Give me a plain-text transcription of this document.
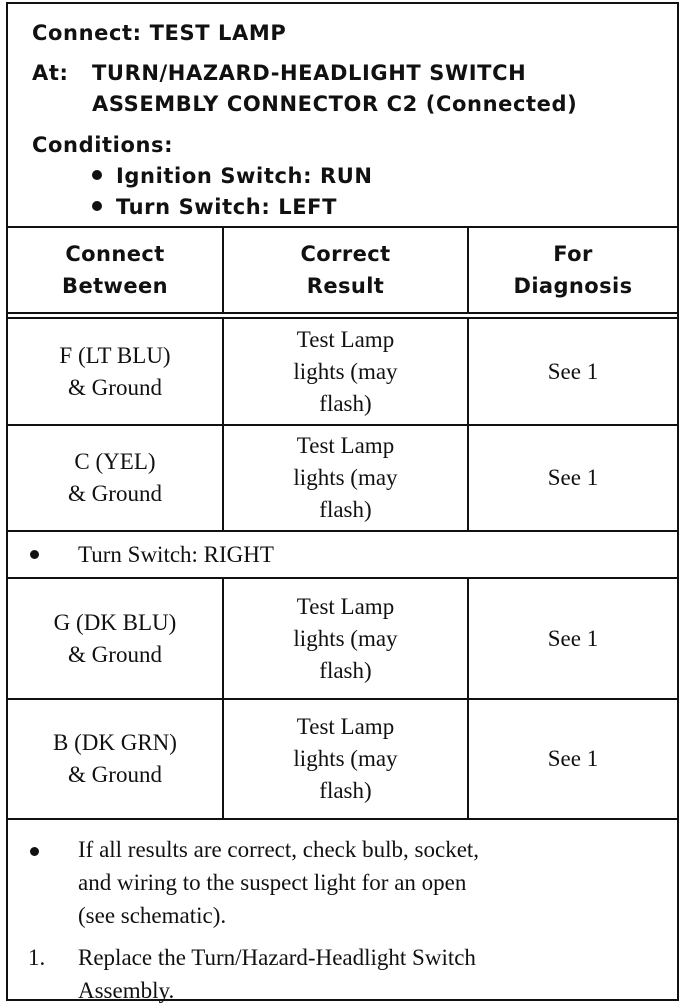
Connect: TEST LAMP
At: TURN/HAZARD-HEADLIGHT SWITCH
ASSEMBLY CONNECTOR C2 (Connected)
Conditions:
Ignition Switch: RUN
Turn Switch: LEFT
Connect
Between
Correct
Result
For
Diagnosis
F (LT BLU)
& Ground
Test Lamp
lights (may
flash)
See 1
C (YEL)
& Ground
Test Lamp
lights (may
flash)
See 1
Turn Switch: RIGHT
G (DK BLU)
& Ground
Test Lamp
lights (may
flash)
See 1
B (DK GRN)
& Ground
Test Lamp
lights (may
flash)
See 1
If all results are correct, check bulb, socket,
and wiring to the suspect light for an open
(see schematic).
1. Replace the Turn/Hazard-Headlight Switch
Assembly.
